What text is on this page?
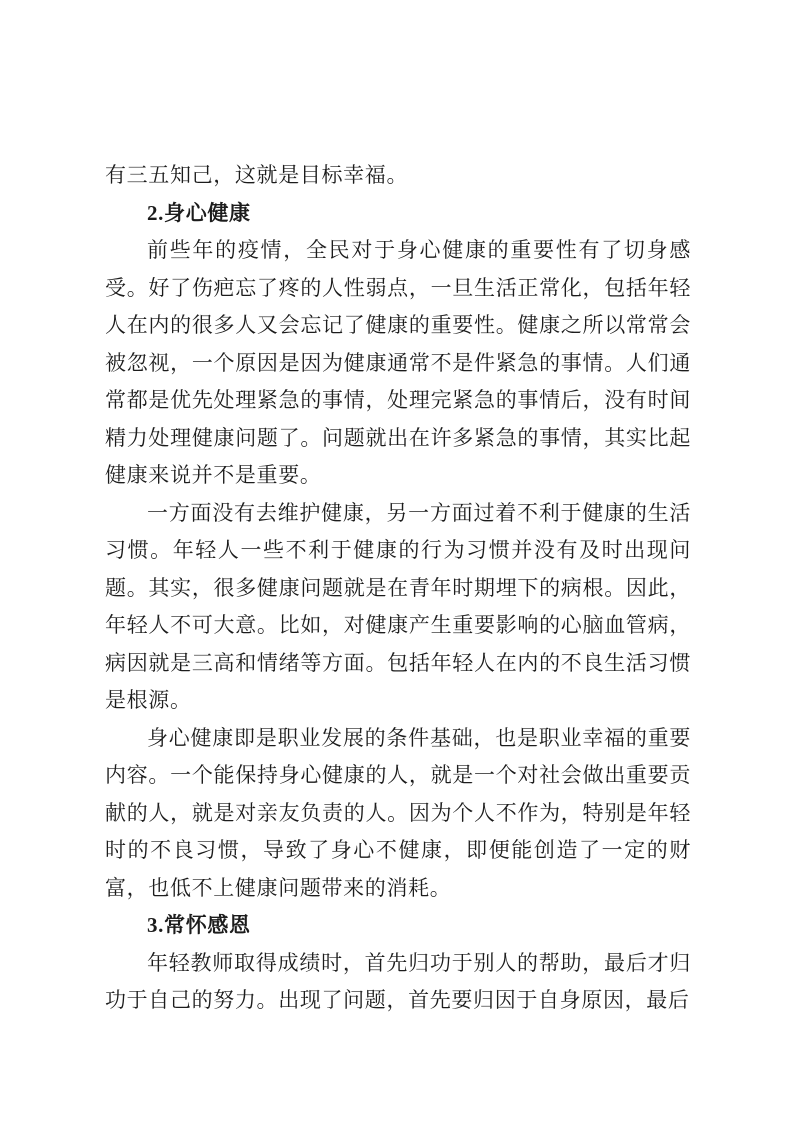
有三五知己，这就是目标幸福。

2.身心健康

前些年的疫情，全民对于身心健康的重要性有了切身感受。好了伤疤忘了疼的人性弱点，一旦生活正常化，包括年轻人在内的很多人又会忘记了健康的重要性。健康之所以常常会被忽视，一个原因是因为健康通常不是件紧急的事情。人们通常都是优先处理紧急的事情，处理完紧急的事情后，没有时间精力处理健康问题了。问题就出在许多紧急的事情，其实比起健康来说并不是重要。

一方面没有去维护健康，另一方面过着不利于健康的生活习惯。年轻人一些不利于健康的行为习惯并没有及时出现问题。其实，很多健康问题就是在青年时期埋下的病根。因此，年轻人不可大意。比如，对健康产生重要影响的心脑血管病，病因就是三高和情绪等方面。包括年轻人在内的不良生活习惯是根源。

身心健康即是职业发展的条件基础，也是职业幸福的重要内容。一个能保持身心健康的人，就是一个对社会做出重要贡献的人，就是对亲友负责的人。因为个人不作为，特别是年轻时的不良习惯，导致了身心不健康，即便能创造了一定的财富，也低不上健康问题带来的消耗。

3.常怀感恩

年轻教师取得成绩时，首先归功于别人的帮助，最后才归功于自己的努力。出现了问题，首先要归因于自身原因，最后
